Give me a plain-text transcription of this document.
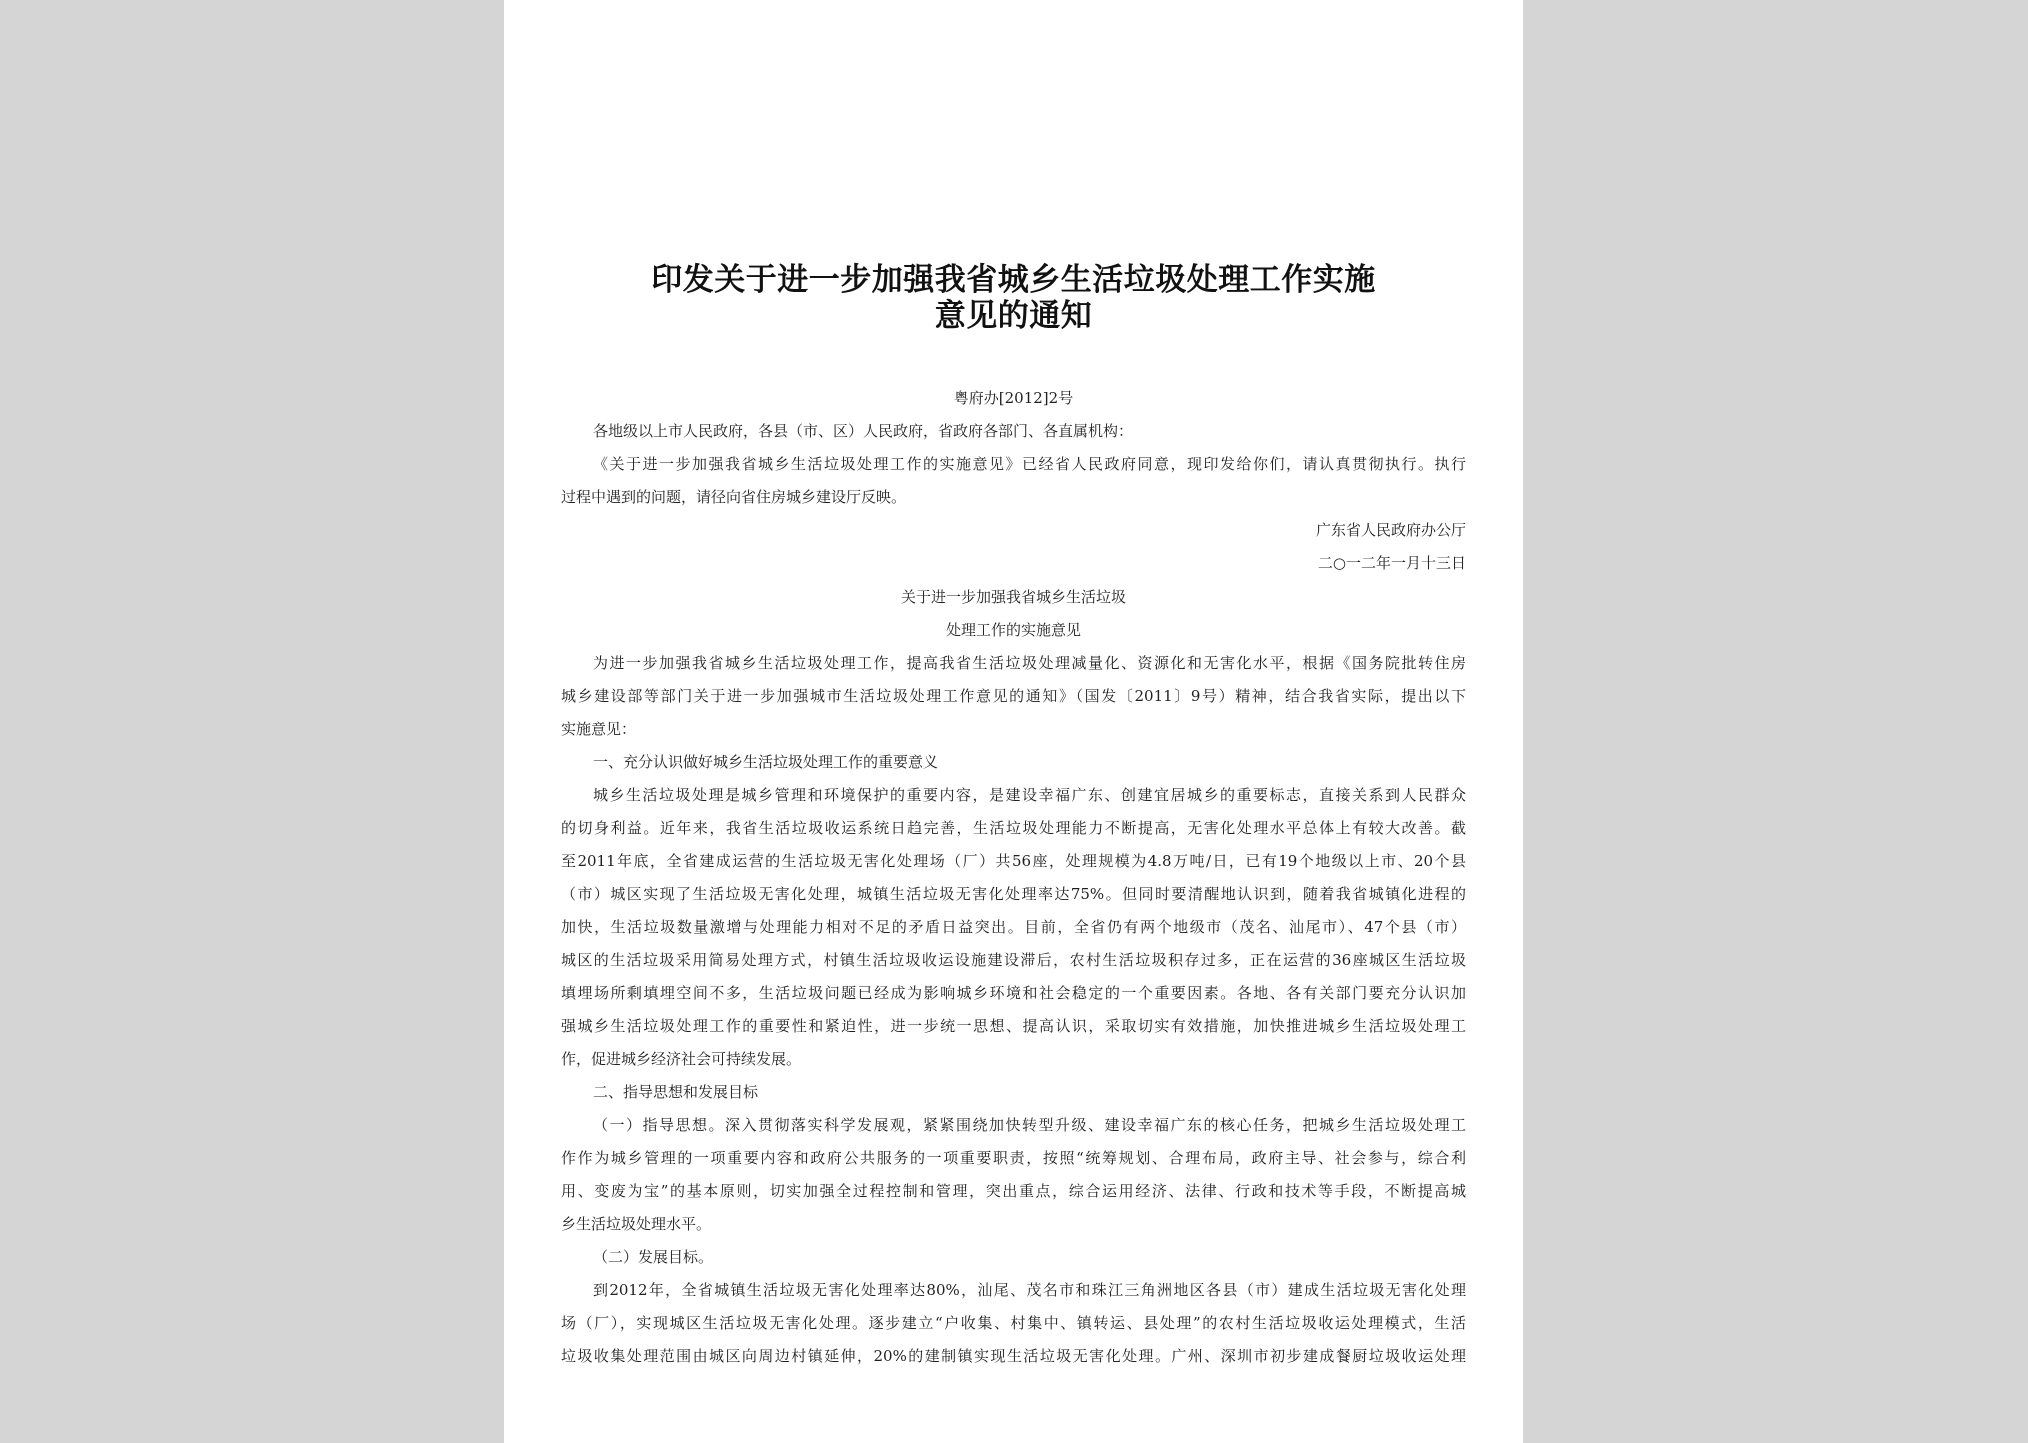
印发关于进一步加强我省城乡生活垃圾处理工作实施
意见的通知
粤府办[2012]2号
各地级以上市人民政府，各县（市、区）人民政府，省政府各部门、各直属机构：
《关于进一步加强我省城乡生活垃圾处理工作的实施意见》已经省人民政府同意，现印发给你们，请认真贯彻执行。执行
过程中遇到的问题，请径向省住房城乡建设厅反映。
广东省人民政府办公厅
二○一二年一月十三日
关于进一步加强我省城乡生活垃圾
处理工作的实施意见
为进一步加强我省城乡生活垃圾处理工作，提高我省生活垃圾处理减量化、资源化和无害化水平，根据《国务院批转住房
城乡建设部等部门关于进一步加强城市生活垃圾处理工作意见的通知》（国发〔2011〕9号）精神，结合我省实际，提出以下
实施意见：
一、充分认识做好城乡生活垃圾处理工作的重要意义
城乡生活垃圾处理是城乡管理和环境保护的重要内容，是建设幸福广东、创建宜居城乡的重要标志，直接关系到人民群众
的切身利益。近年来，我省生活垃圾收运系统日趋完善，生活垃圾处理能力不断提高，无害化处理水平总体上有较大改善。截
至2011年底，全省建成运营的生活垃圾无害化处理场（厂）共56座，处理规模为4.8万吨/日，已有19个地级以上市、20个县
（市）城区实现了生活垃圾无害化处理，城镇生活垃圾无害化处理率达75%。但同时要清醒地认识到，随着我省城镇化进程的
加快，生活垃圾数量激增与处理能力相对不足的矛盾日益突出。目前，全省仍有两个地级市（茂名、汕尾市）、47个县（市）
城区的生活垃圾采用简易处理方式，村镇生活垃圾收运设施建设滞后，农村生活垃圾积存过多，正在运营的36座城区生活垃圾
填埋场所剩填埋空间不多，生活垃圾问题已经成为影响城乡环境和社会稳定的一个重要因素。各地、各有关部门要充分认识加
强城乡生活垃圾处理工作的重要性和紧迫性，进一步统一思想、提高认识，采取切实有效措施，加快推进城乡生活垃圾处理工
作，促进城乡经济社会可持续发展。
二、指导思想和发展目标
（一）指导思想。深入贯彻落实科学发展观，紧紧围绕加快转型升级、建设幸福广东的核心任务，把城乡生活垃圾处理工
作作为城乡管理的一项重要内容和政府公共服务的一项重要职责，按照“统筹规划、合理布局，政府主导、社会参与，综合利
用、变废为宝”的基本原则，切实加强全过程控制和管理，突出重点，综合运用经济、法律、行政和技术等手段，不断提高城
乡生活垃圾处理水平。
（二）发展目标。
到2012年，全省城镇生活垃圾无害化处理率达80%，汕尾、茂名市和珠江三角洲地区各县（市）建成生活垃圾无害化处理
场（厂），实现城区生活垃圾无害化处理。逐步建立“户收集、村集中、镇转运、县处理”的农村生活垃圾收运处理模式，生活
垃圾收集处理范围由城区向周边村镇延伸，20%的建制镇实现生活垃圾无害化处理。广州、深圳市初步建成餐厨垃圾收运处理
